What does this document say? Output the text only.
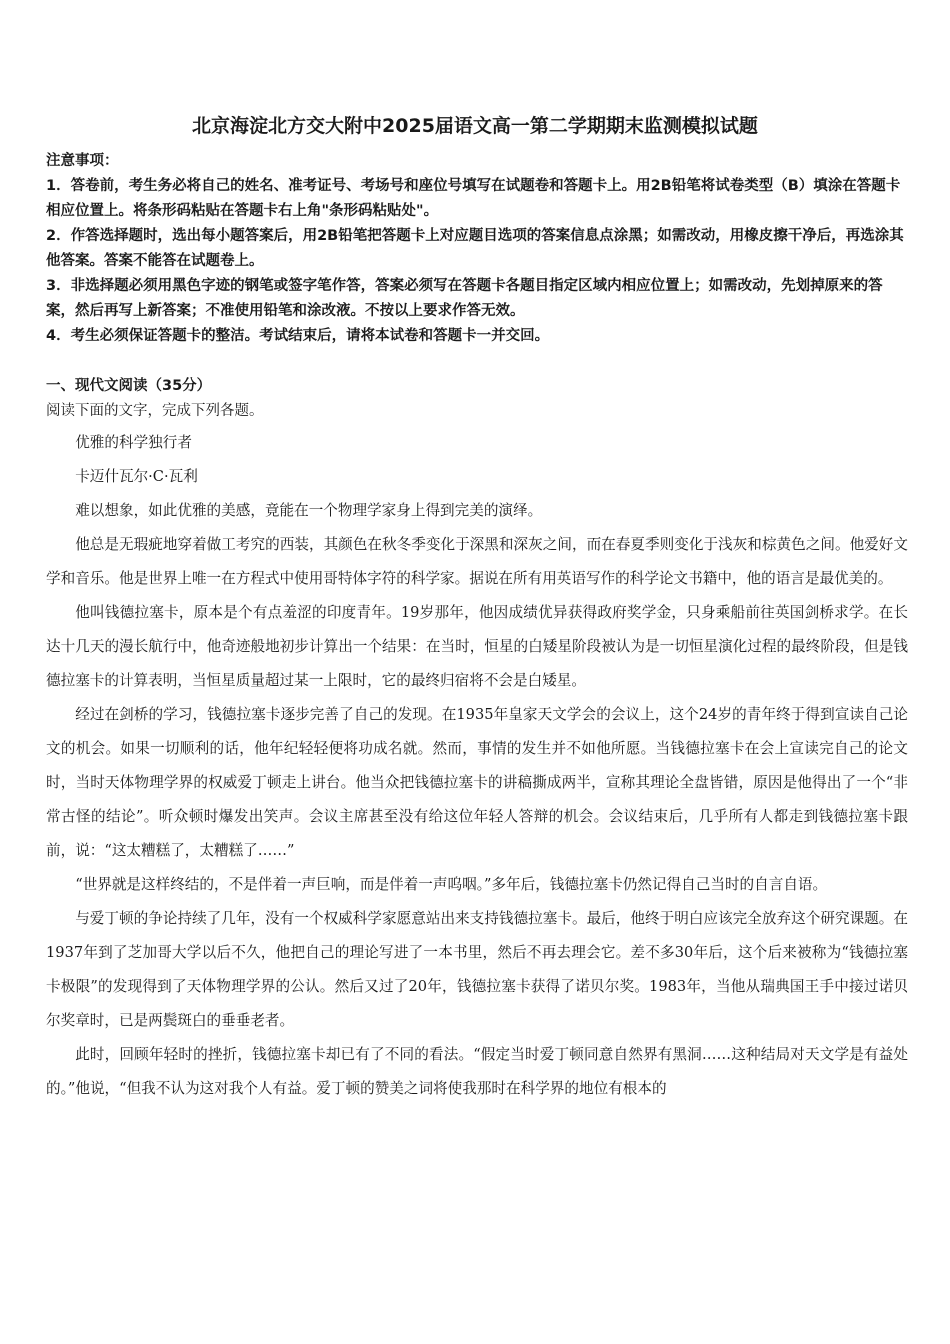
北京海淀北方交大附中2025届语文高一第二学期期末监测模拟试题

注意事项：

1．答卷前，考生务必将自己的姓名、准考证号、考场号和座位号填写在试题卷和答题卡上。用2B铅笔将试卷类型（B）填涂在答题卡相应位置上。将条形码粘贴在答题卡右上角"条形码粘贴处"。

2．作答选择题时，选出每小题答案后，用2B铅笔把答题卡上对应题目选项的答案信息点涂黑；如需改动，用橡皮擦干净后，再选涂其他答案。答案不能答在试题卷上。

3．非选择题必须用黑色字迹的钢笔或签字笔作答，答案必须写在答题卡各题目指定区域内相应位置上；如需改动，先划掉原来的答案，然后再写上新答案；不准使用铅笔和涂改液。不按以上要求作答无效。

4．考生必须保证答题卡的整洁。考试结束后，请将本试卷和答题卡一并交回。

一、现代文阅读（35分）

阅读下面的文字，完成下列各题。

优雅的科学独行者

卡迈什瓦尔·C·瓦利

难以想象，如此优雅的美感，竟能在一个物理学家身上得到完美的演绎。

他总是无瑕疵地穿着做工考究的西装，其颜色在秋冬季变化于深黑和深灰之间，而在春夏季则变化于浅灰和棕黄色之间。他爱好文学和音乐。他是世界上唯一在方程式中使用哥特体字符的科学家。据说在所有用英语写作的科学论文书籍中，他的语言是最优美的。

他叫钱德拉塞卡，原本是个有点羞涩的印度青年。19岁那年，他因成绩优异获得政府奖学金，只身乘船前往英国剑桥求学。在长达十几天的漫长航行中，他奇迹般地初步计算出一个结果：在当时，恒星的白矮星阶段被认为是一切恒星演化过程的最终阶段，但是钱德拉塞卡的计算表明，当恒星质量超过某一上限时，它的最终归宿将不会是白矮星。

经过在剑桥的学习，钱德拉塞卡逐步完善了自己的发现。在1935年皇家天文学会的会议上，这个24岁的青年终于得到宣读自己论文的机会。如果一切顺利的话，他年纪轻轻便将功成名就。然而，事情的发生并不如他所愿。当钱德拉塞卡在会上宣读完自己的论文时，当时天体物理学界的权威爱丁顿走上讲台。他当众把钱德拉塞卡的讲稿撕成两半，宣称其理论全盘皆错，原因是他得出了一个“非常古怪的结论”。听众顿时爆发出笑声。会议主席甚至没有给这位年轻人答辩的机会。会议结束后，几乎所有人都走到钱德拉塞卡跟前，说：“这太糟糕了，太糟糕了……”

“世界就是这样终结的，不是伴着一声巨响，而是伴着一声呜咽。”多年后，钱德拉塞卡仍然记得自己当时的自言自语。

与爱丁顿的争论持续了几年，没有一个权威科学家愿意站出来支持钱德拉塞卡。最后，他终于明白应该完全放弃这个研究课题。在1937年到了芝加哥大学以后不久，他把自己的理论写进了一本书里，然后不再去理会它。差不多30年后，这个后来被称为“钱德拉塞卡极限”的发现得到了天体物理学界的公认。然后又过了20年，钱德拉塞卡获得了诺贝尔奖。1983年，当他从瑞典国王手中接过诺贝尔奖章时，已是两鬓斑白的垂垂老者。

此时，回顾年轻时的挫折，钱德拉塞卡却已有了不同的看法。“假定当时爱丁顿同意自然界有黑洞……这种结局对天文学是有益处的。”他说，“但我不认为这对我个人有益。爱丁顿的赞美之词将使我那时在科学界的地位有根本的
